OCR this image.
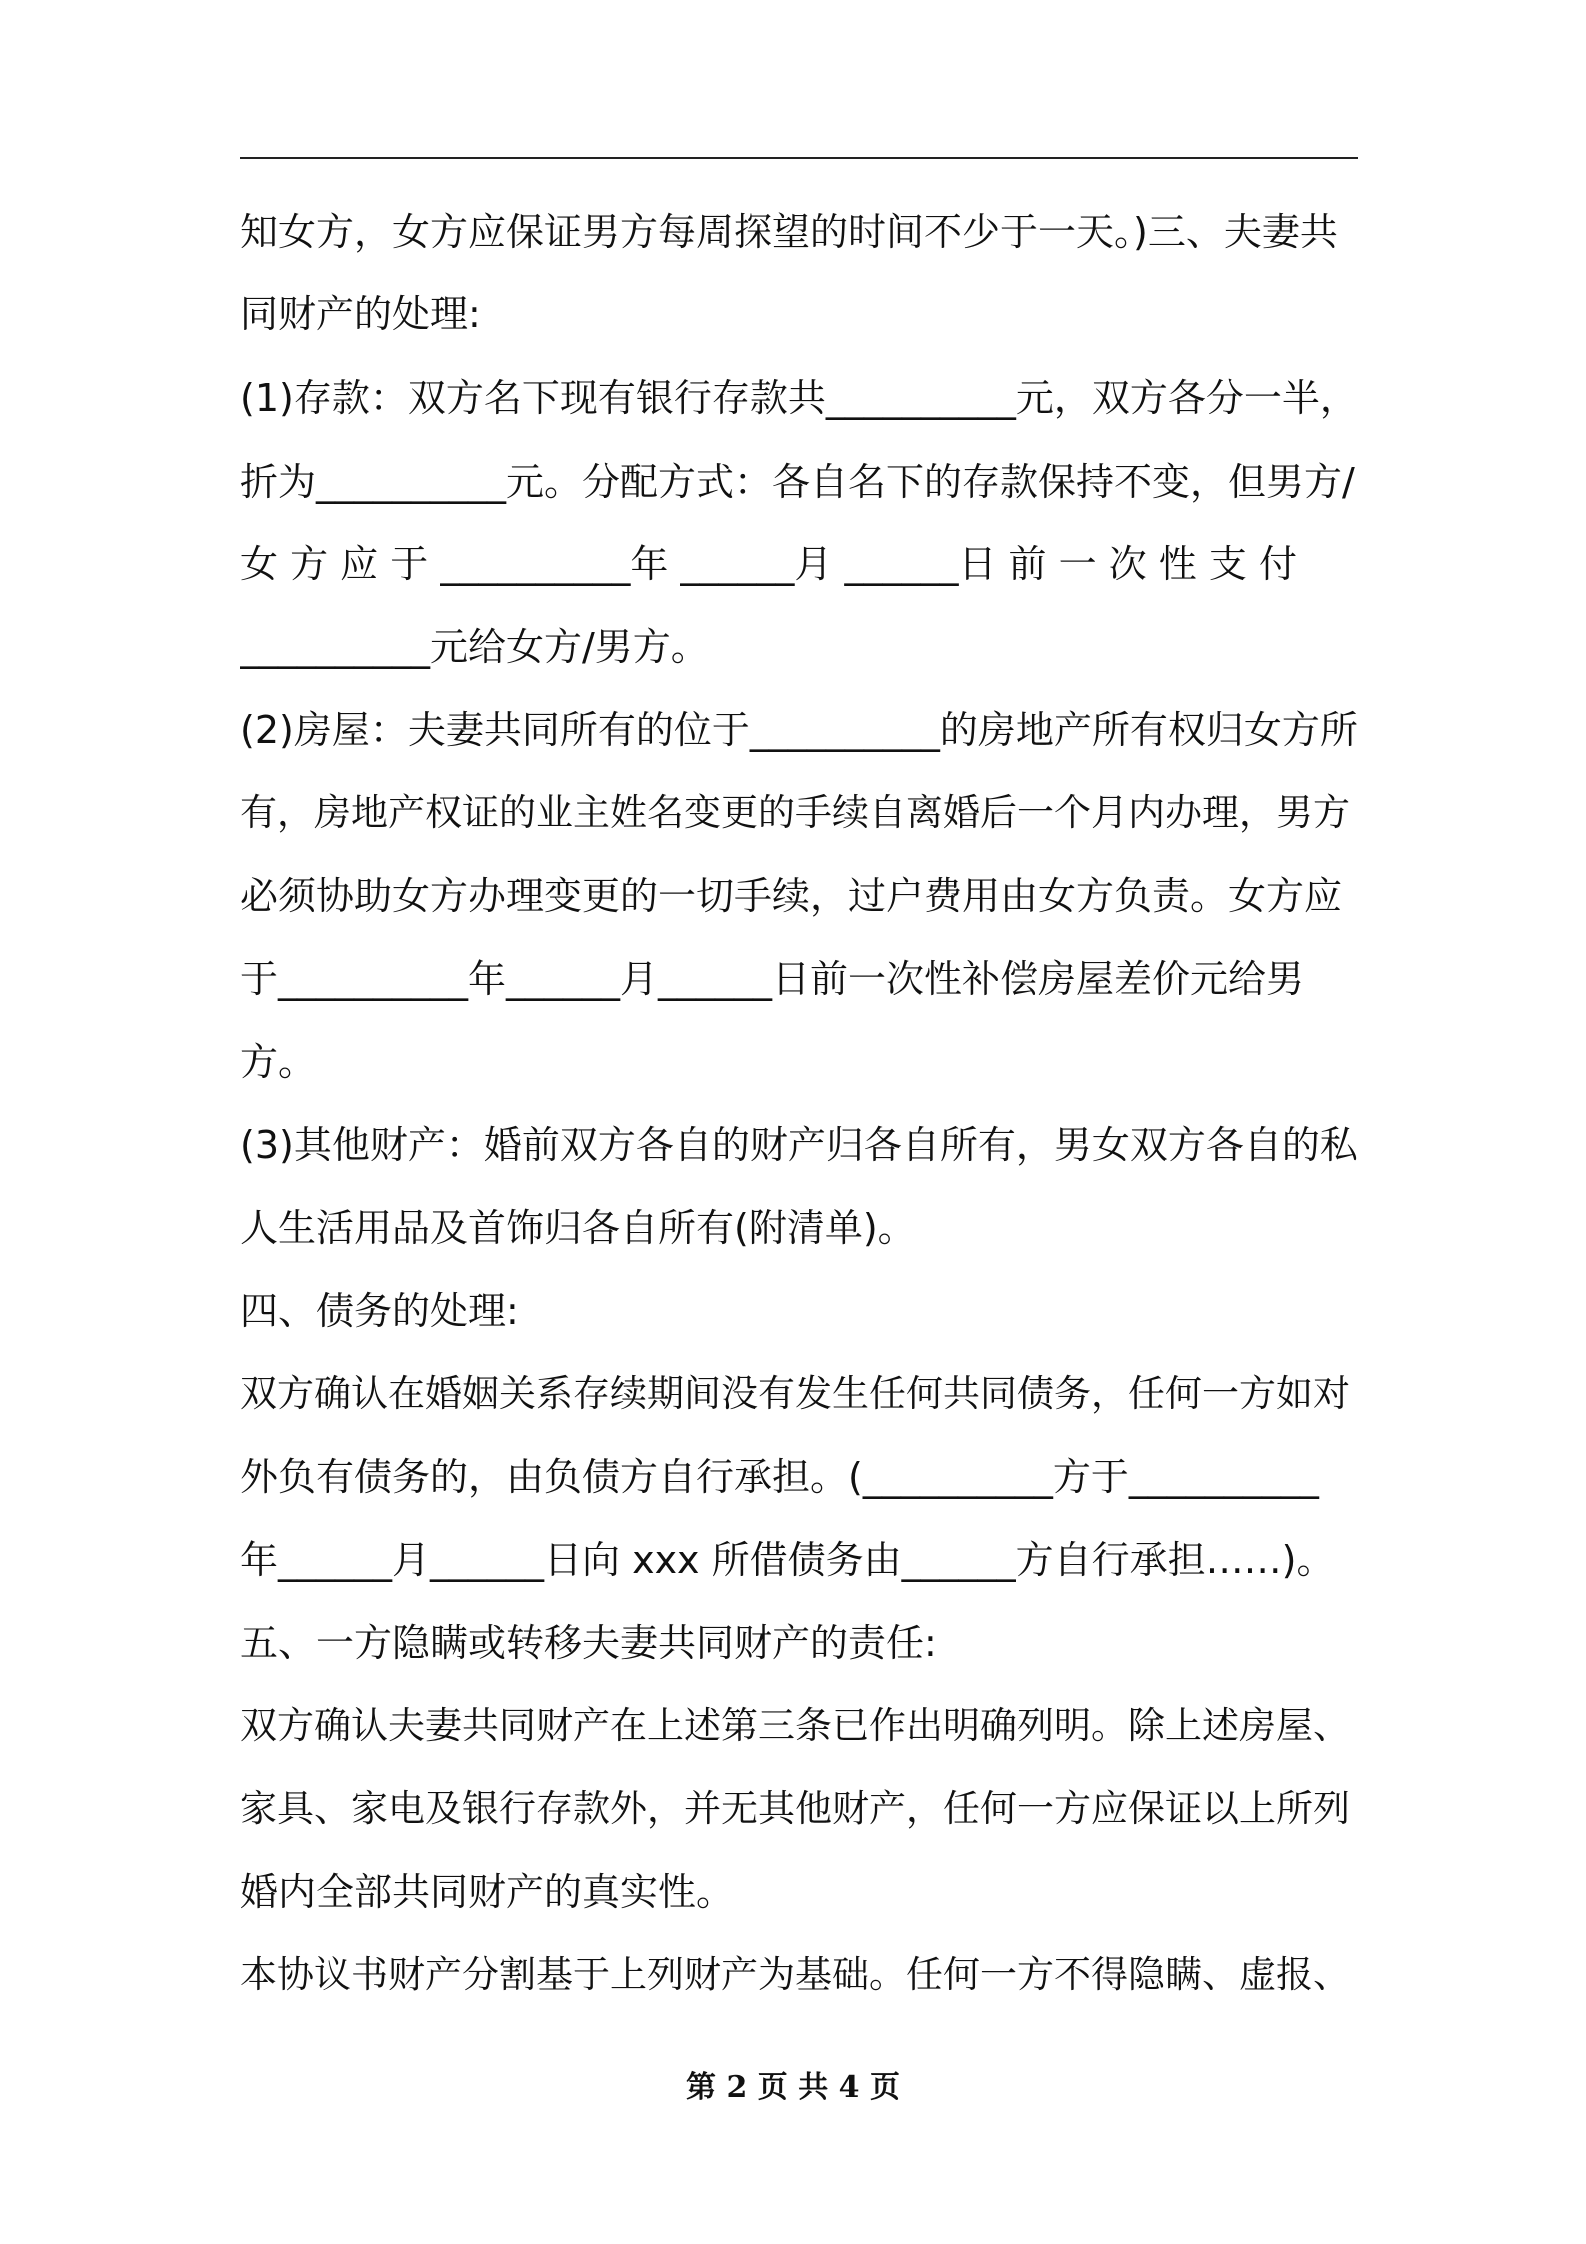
知女方，女方应保证男方每周探望的时间不少于一天。)三、夫妻共
同财产的处理:
(1)存款：双方名下现有银行存款共__________元，双方各分一半，
折为__________元。分配方式：各自名下的存款保持不变，但男方/
女 方 应 于 __________年 ______月 ______日 前 一 次 性 支 付
__________元给女方/男方。
(2)房屋：夫妻共同所有的位于__________的房地产所有权归女方所
有，房地产权证的业主姓名变更的手续自离婚后一个月内办理，男方
必须协助女方办理变更的一切手续，过户费用由女方负责。女方应
于__________年______月______日前一次性补偿房屋差价元给男
方。
(3)其他财产：婚前双方各自的财产归各自所有，男女双方各自的私
人生活用品及首饰归各自所有(附清单)。
四、债务的处理:
双方确认在婚姻关系存续期间没有发生任何共同债务，任何一方如对
外负有债务的，由负债方自行承担。(__________方于__________
年______月______日向 xxx 所借债务由______方自行承担……)。
五、一方隐瞒或转移夫妻共同财产的责任:
双方确认夫妻共同财产在上述第三条已作出明确列明。除上述房屋、
家具、家电及银行存款外，并无其他财产，任何一方应保证以上所列
婚内全部共同财产的真实性。
本协议书财产分割基于上列财产为基础。任何一方不得隐瞒、虚报、
第 2 页 共 4 页
